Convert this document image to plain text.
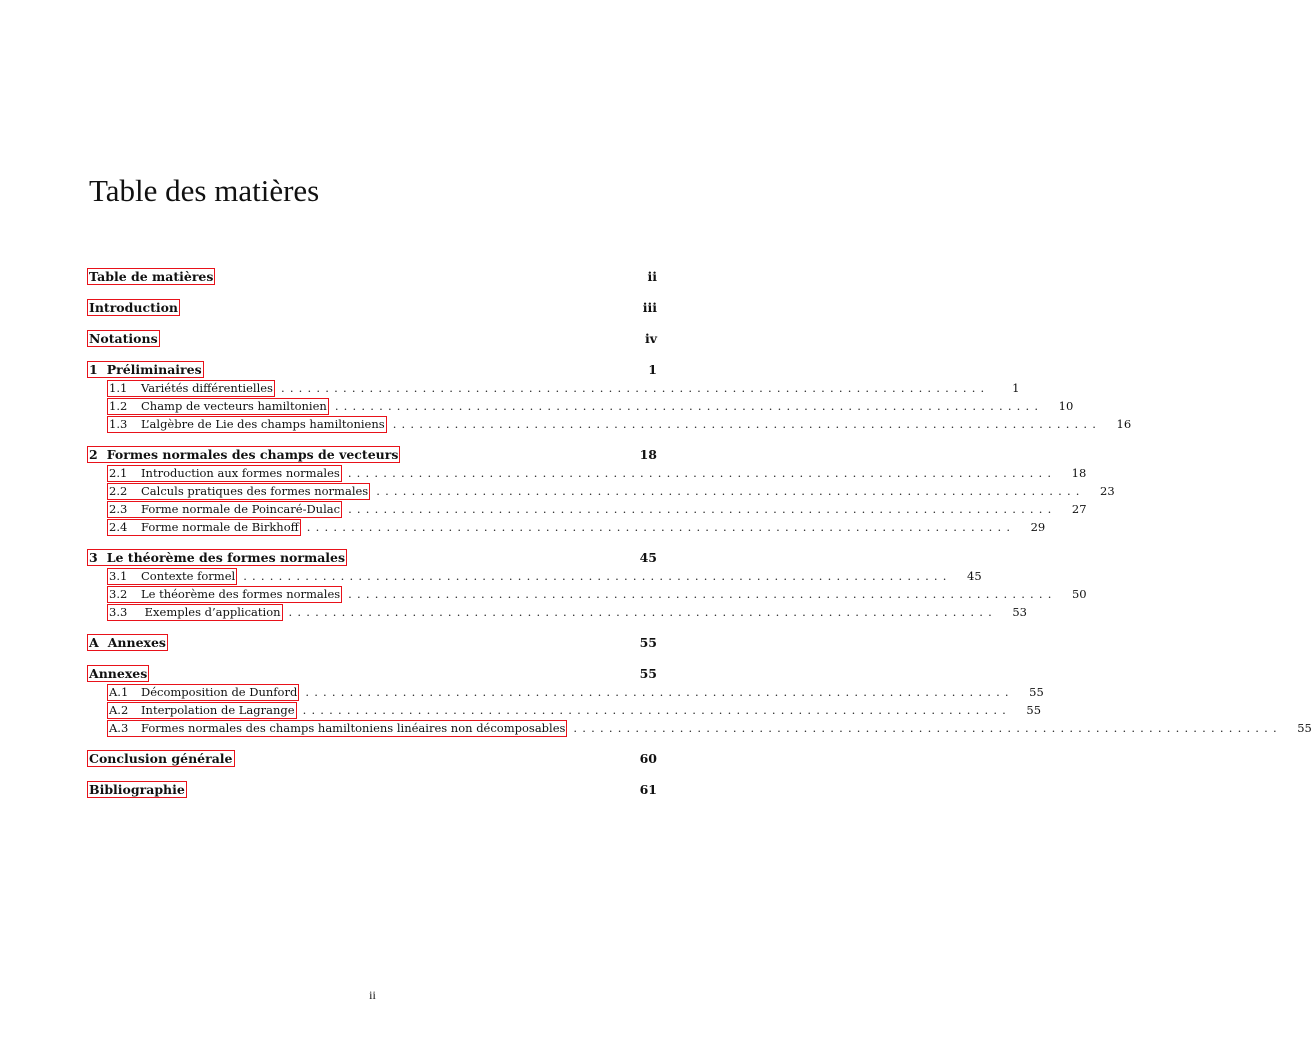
Table des matières
Table de matières	ii
Introduction	iii
Notations	iv
1 Préliminaires	1
1.1 Variétés différentielles ................................................................................	1
1.2 Champ de vecteurs hamiltonien ................................................................................	10
1.3 L’algèbre de Lie des champs hamiltoniens ................................................................................	16
2 Formes normales des champs de vecteurs	18
2.1 Introduction aux formes normales ................................................................................	18
2.2 Calculs pratiques des formes normales ................................................................................	23
2.3 Forme normale de Poincaré-Dulac ................................................................................	27
2.4 Forme normale de Birkhoff ................................................................................	29
3 Le théorème des formes normales	45
3.1 Contexte formel ................................................................................	45
3.2 Le théorème des formes normales ................................................................................	50
3.3 Exemples d’application ................................................................................	53
A Annexes	55
Annexes	55
A.1 Décomposition de Dunford ................................................................................	55
A.2 Interpolation de Lagrange ................................................................................	55
A.3 Formes normales des champs hamiltoniens linéaires non décomposables ................................................................................	55
Conclusion générale	60
Bibliographie	61
ii
